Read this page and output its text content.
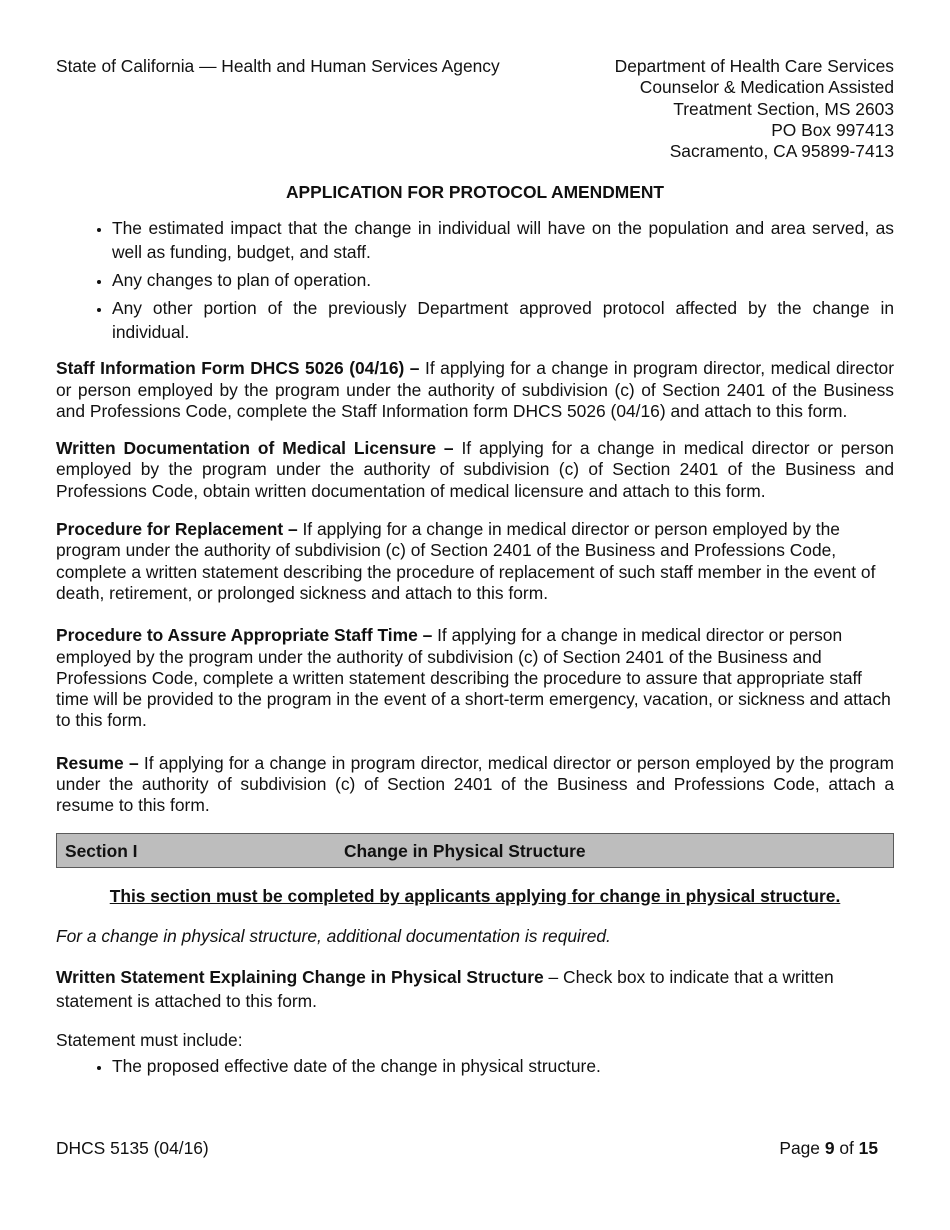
State of California — Health and Human Services Agency	Department of Health Care Services
Counselor & Medication Assisted
Treatment Section, MS 2603
PO Box 997413
Sacramento, CA 95899-7413
APPLICATION FOR PROTOCOL AMENDMENT
• The estimated impact that the change in individual will have on the population and area served, as well as funding, budget, and staff.
• Any changes to plan of operation.
• Any other portion of the previously Department approved protocol affected by the change in individual.

Staff Information Form DHCS 5026 (04/16) – If applying for a change in program director, medical director or person employed by the program under the authority of subdivision (c) of Section 2401 of the Business and Professions Code, complete the Staff Information form DHCS 5026 (04/16) and attach to this form.

Written Documentation of Medical Licensure – If applying for a change in medical director or person employed by the program under the authority of subdivision (c) of Section 2401 of the Business and Professions Code, obtain written documentation of medical licensure and attach to this form.

Procedure for Replacement – If applying for a change in medical director or person employed by the program under the authority of subdivision (c) of Section 2401 of the Business and Professions Code, complete a written statement describing the procedure of replacement of such staff member in the event of death, retirement, or prolonged sickness and attach to this form.

Procedure to Assure Appropriate Staff Time – If applying for a change in medical director or person employed by the program under the authority of subdivision (c) of Section 2401 of the Business and Professions Code, complete a written statement describing the procedure to assure that appropriate staff time will be provided to the program in the event of a short-term emergency, vacation, or sickness and attach to this form.

Resume – If applying for a change in program director, medical director or person employed by the program under the authority of subdivision (c) of Section 2401 of the Business and Professions Code, attach a resume to this form.

Section I	Change in Physical Structure
This section must be completed by applicants applying for change in physical structure.
For a change in physical structure, additional documentation is required.

Written Statement Explaining Change in Physical Structure – Check box to indicate that a written statement is attached to this form.

Statement must include:
• The proposed effective date of the change in physical structure.
DHCS 5135 (04/16)	Page 9 of 15
